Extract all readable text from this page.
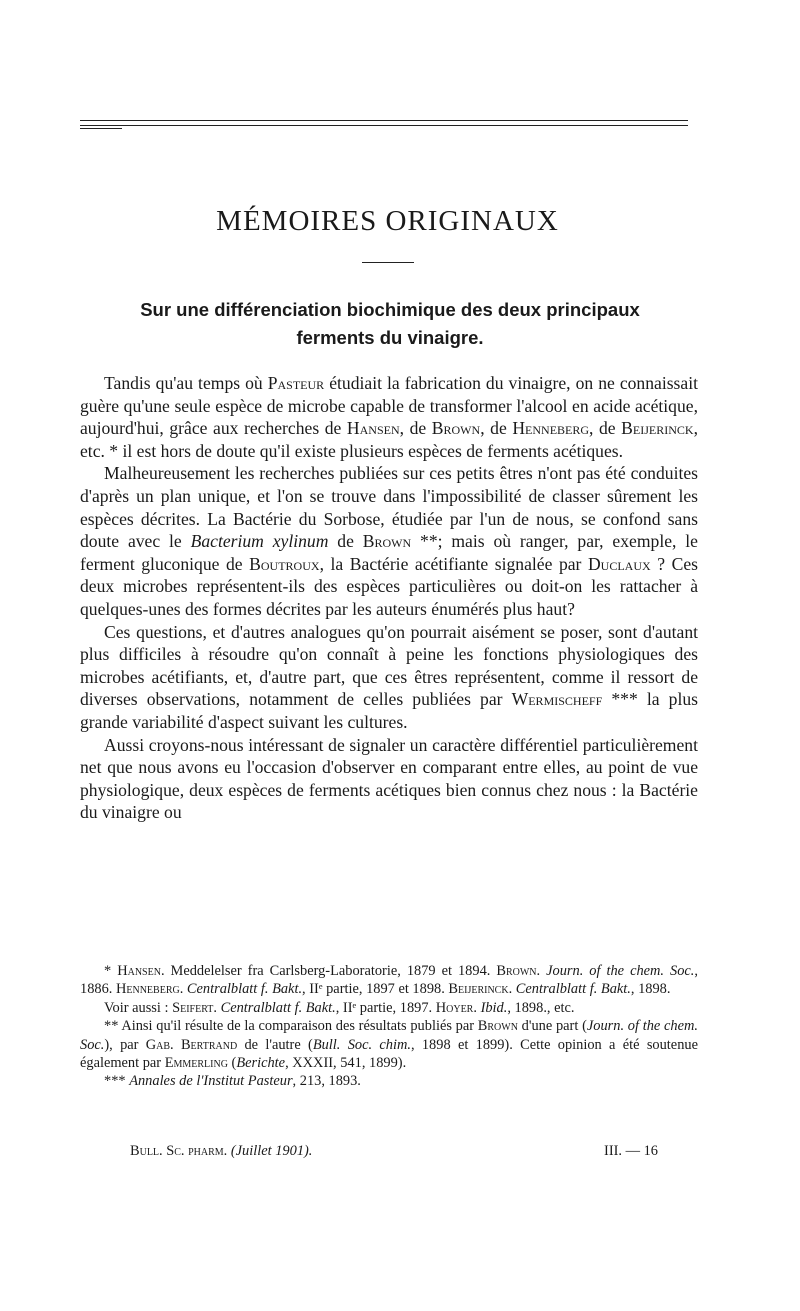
MÉMOIRES ORIGINAUX
Sur une différenciation biochimique des deux principaux
ferments du vinaigre.

Tandis qu'au temps où Pasteur étudiait la fabrication du vinaigre, on ne connaissait guère qu'une seule espèce de microbe capable de transformer l'alcool en acide acétique, aujourd'hui, grâce aux recherches de Hansen, de Brown, de Henneberg, de Beijerinck, etc. * il est hors de doute qu'il existe plusieurs espèces de ferments acétiques.

Malheureusement les recherches publiées sur ces petits êtres n'ont pas été conduites d'après un plan unique, et l'on se trouve dans l'impossibilité de classer sûrement les espèces décrites. La Bactérie du Sorbose, étudiée par l'un de nous, se confond sans doute avec le Bacterium xylinum de Brown **; mais où ranger, par, exemple, le ferment gluconique de Boutroux, la Bactérie acétifiante signalée par Duclaux ? Ces deux microbes représentent-ils des espèces particulières ou doit-on les rattacher à quelques-unes des formes décrites par les auteurs énumérés plus haut?

Ces questions, et d'autres analogues qu'on pourrait aisément se poser, sont d'autant plus difficiles à résoudre qu'on connaît à peine les fonctions physiologiques des microbes acétifiants, et, d'autre part, que ces êtres représentent, comme il ressort de diverses observations, notamment de celles publiées par Wermischeff *** la plus grande variabilité d'aspect suivant les cultures.

Aussi croyons-nous intéressant de signaler un caractère différentiel particulièrement net que nous avons eu l'occasion d'observer en comparant entre elles, au point de vue physiologique, deux espèces de ferments acétiques bien connus chez nous : la Bactérie du vinaigre ou

* Hansen. Meddelelser fra Carlsberg-Laboratorie, 1879 et 1894. Brown. Journ. of the chem. Soc., 1886. Henneberg. Centralblatt f. Bakt., IIᵉ partie, 1897 et 1898. Beijerinck. Centralblatt f. Bakt., 1898.

Voir aussi : Seifert. Centralblatt f. Bakt., IIᵉ partie, 1897. Hoyer. Ibid., 1898., etc.

** Ainsi qu'il résulte de la comparaison des résultats publiés par Brown d'une part (Journ. of the chem. Soc.), par Gab. Bertrand de l'autre (Bull. Soc. chim., 1898 et 1899). Cette opinion a été soutenue également par Emmerling (Berichte, XXXII, 541, 1899).

*** Annales de l'Institut Pasteur, 213, 1893.

Bull. Sc. pharm. (Juillet 1901).	III. — 16
